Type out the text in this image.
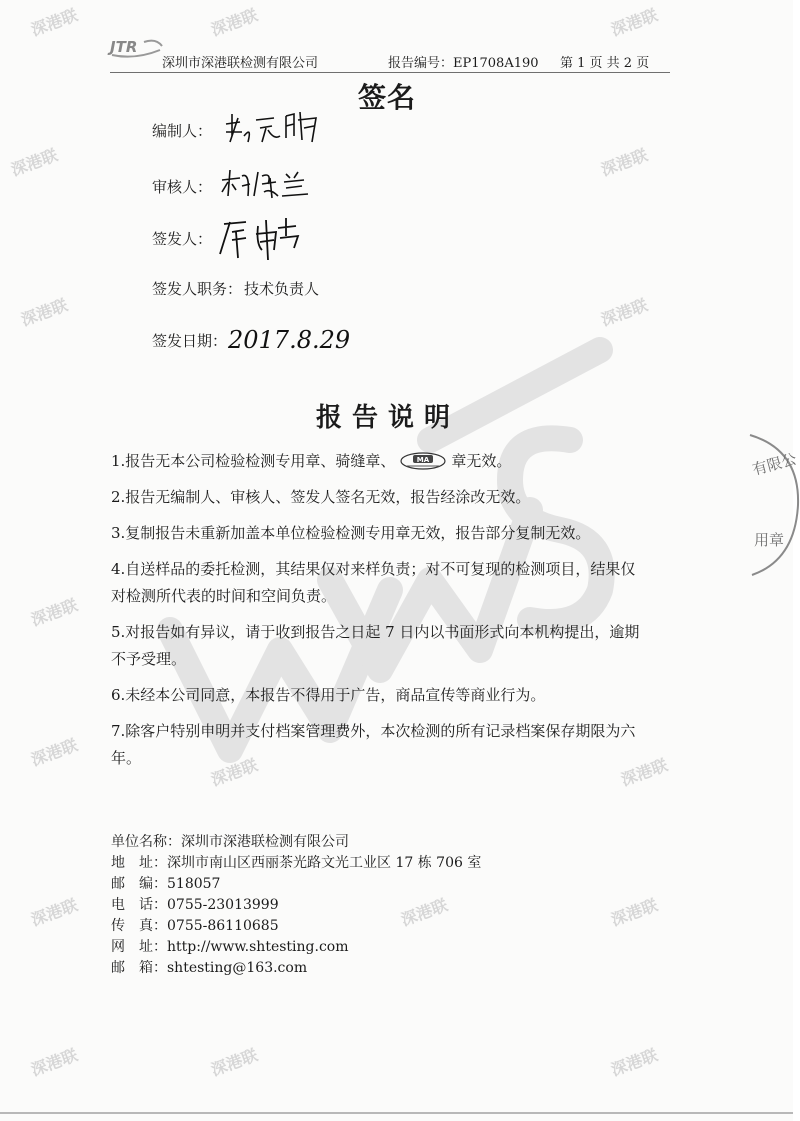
深港联	深港联	深港联
深港联	深港联
深港联	深港联
深港联
深港联
深港联	深港联
深港联	深港联	深港联
深港联	深港联	深港联
有限公
用章
JTR
深圳市深港联检测有限公司	报告编号：EP1708A190 第 1 页 共 2 页
签名
编制人：
审核人：
签发人：
签发人职务： 技术负责人
签发日期： 2017.8.29
报告说明

1.报告无本公司检验检测专用章、骑缝章、	MA 章无效。

2.报告无编制人、审核人、签发人签名无效，报告经涂改无效。

3.复制报告未重新加盖本单位检验检测专用章无效，报告部分复制无效。

4.自送样品的委托检测，其结果仅对来样负责；对不可复现的检测项目，结果仅
对检测所代表的时间和空间负责。

5.对报告如有异议，请于收到报告之日起 7 日内以书面形式向本机构提出，逾期
不予受理。

6.未经本公司同意，本报告不得用于广告，商品宣传等商业行为。

7.除客户特别申明并支付档案管理费外，本次检测的所有记录档案保存期限为六
年。

单位名称：深圳市深港联检测有限公司
地　址：深圳市南山区西丽茶光路文光工业区 17 栋 706 室
邮　编：518057
电　话：0755-23013999
传　真：0755-86110685
网　址：http://www.shtesting.com
邮　箱：shtesting@163.com
